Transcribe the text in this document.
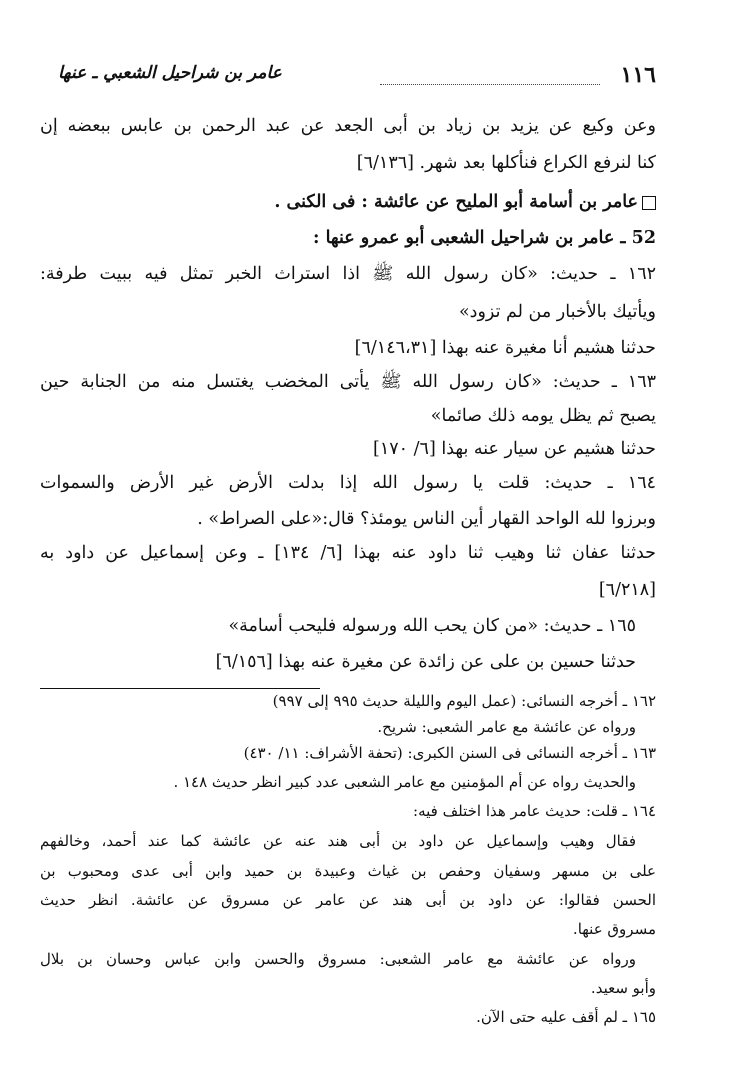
١١٦
عامر بن شراحيل الشعبي ـ عنها
وعن وكيع عن يزيد بن زياد بن أبى الجعد عن عبد الرحمن بن عابس ببعضه إن
كنا لنرفع الكراع فنأكلها بعد شهر. [٦/١٣٦]
عامر بن أسامة أبو المليح عن عائشة : فى الكنى .
52 ـ عامر بن شراحيل الشعبى أبو عمرو عنها :
١٦٢ ـ حديث: «كان رسول الله ﷺ اذا استراث الخبر تمثل فيه ببيت طرفة:
ويأتيك بالأخبار من لم تزود»
حدثنا هشيم أنا مغيرة عنه بهذا [٦/١٤٦،٣١]
١٦٣ ـ حديث: «كان رسول الله ﷺ يأتى المخضب يغتسل منه من الجنابة حين
يصبح ثم يظل يومه ذلك صائما»
حدثنا هشيم عن سيار عنه بهذا [٦/ ١٧٠]
١٦٤ ـ حديث: قلت يا رسول الله إذا بدلت الأرض غير الأرض والسموات
وبرزوا لله الواحد القهار أين الناس يومئذ؟ قال:«على الصراط» .
حدثنا عفان ثنا وهيب ثنا داود عنه بهذا [٦/ ١٣٤] ـ وعن إسماعيل عن داود به
[٦/٢١٨]
١٦٥ ـ حديث: «من كان يحب الله ورسوله فليحب أسامة»
حدثنا حسين بن على عن زائدة عن مغيرة عنه بهذا [٦/١٥٦]
١٦٢ ـ أخرجه النسائى: (عمل اليوم والليلة حديث ٩٩٥ إلى ٩٩٧)
ورواه عن عائشة مع عامر الشعبى: شريح.
١٦٣ ـ أخرجه النسائى فى السنن الكبرى: (تحفة الأشراف: ١١/ ٤٣٠)
والحديث رواه عن أم المؤمنين مع عامر الشعبى عدد كبير انظر حديث ١٤٨ .
١٦٤ ـ قلت: حديث عامر هذا اختلف فيه:
فقال وهيب وإسماعيل عن داود بن أبى هند عنه عن عائشة كما عند أحمد، وخالفهم
على بن مسهر وسفيان وحفص بن غياث وعبيدة بن حميد وابن أبى عدى ومحبوب بن
الحسن فقالوا: عن داود بن أبى هند عن عامر عن مسروق عن عائشة. انظر حديث
مسروق عنها.
ورواه عن عائشة مع عامر الشعبى: مسروق والحسن وابن عباس وحسان بن بلال
وأبو سعيد.
١٦٥ ـ لم أقف عليه حتى الآن.
